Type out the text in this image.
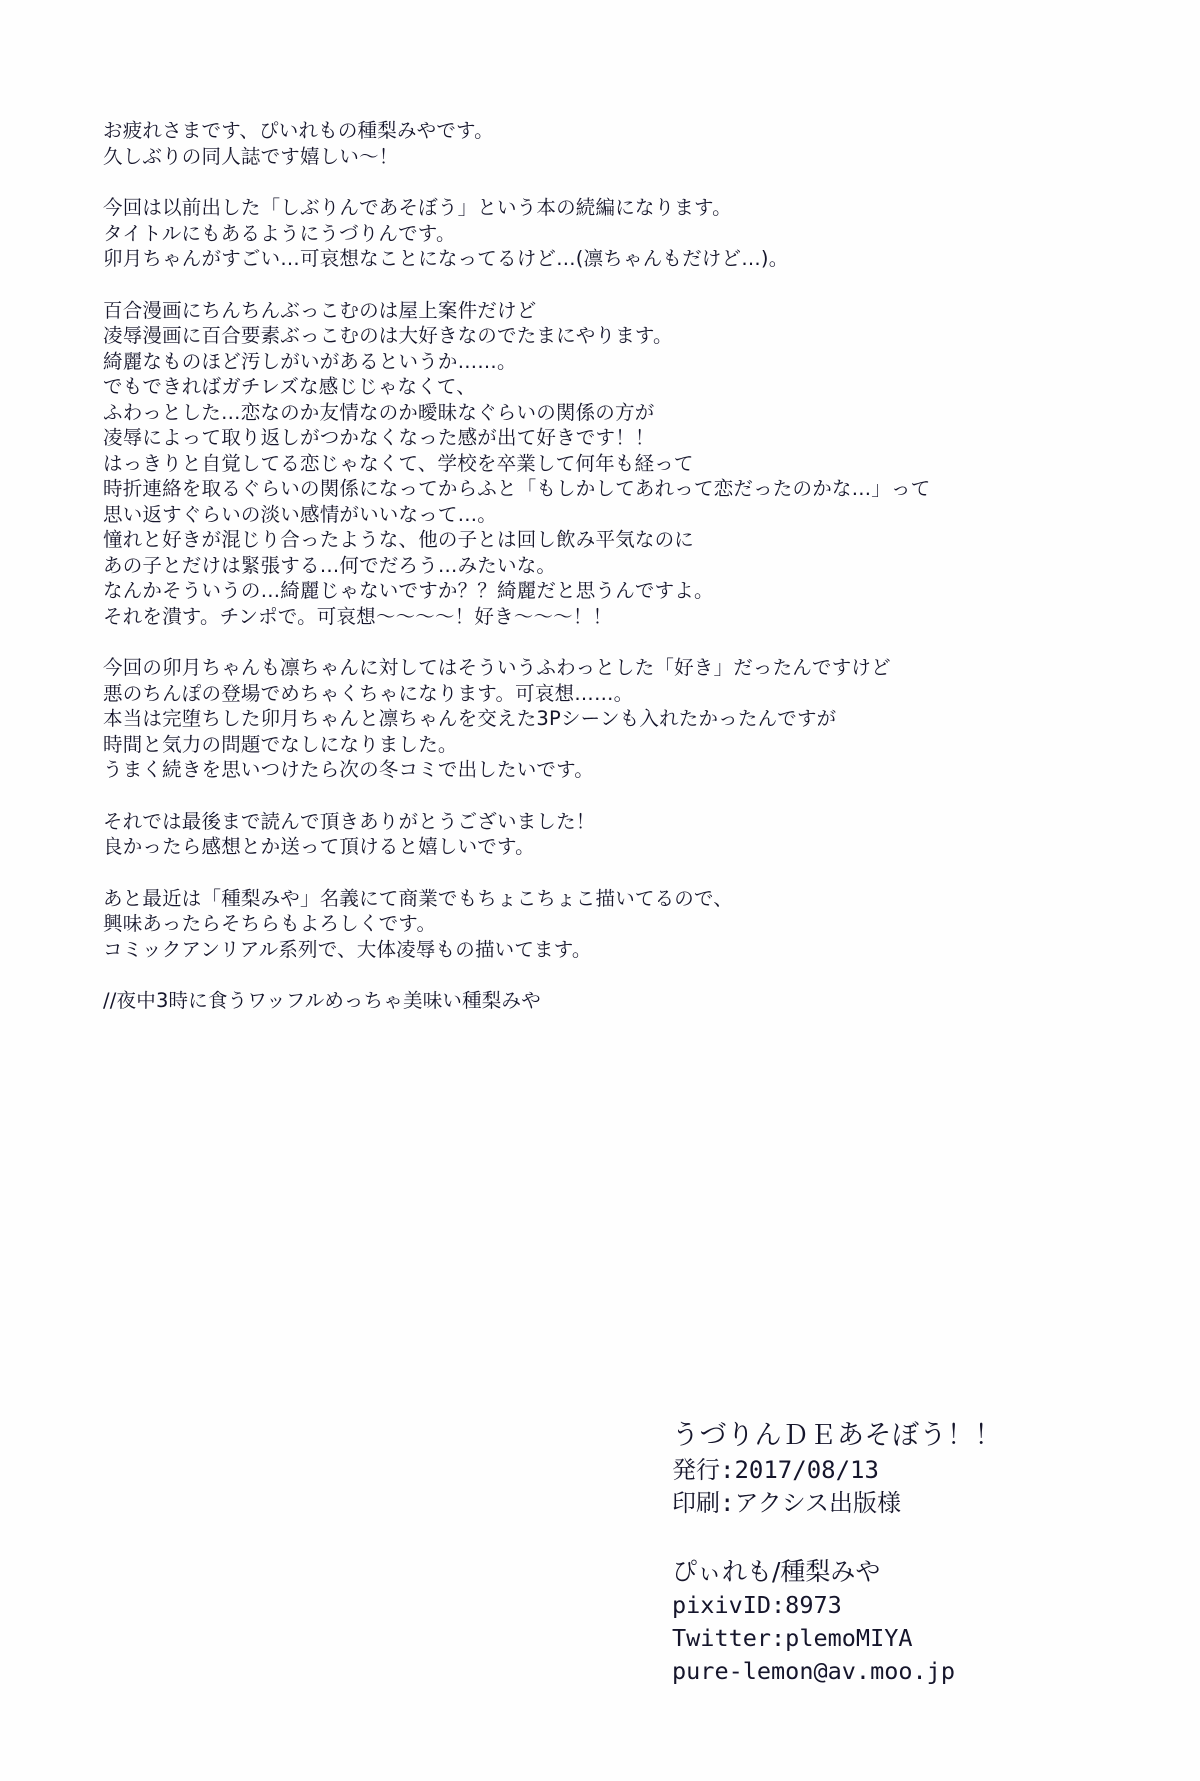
お疲れさまです、ぴいれもの種梨みやです。
久しぶりの同人誌です嬉しい～！
今回は以前出した「しぶりんであそぼう」という本の続編になります。
タイトルにもあるようにうづりんです。
卯月ちゃんがすごい…可哀想なことになってるけど…(凛ちゃんもだけど…)。
百合漫画にちんちんぶっこむのは屋上案件だけど
凌辱漫画に百合要素ぶっこむのは大好きなのでたまにやります。
綺麗なものほど汚しがいがあるというか……。
でもできればガチレズな感じじゃなくて、
ふわっとした…恋なのか友情なのか曖昧なぐらいの関係の方が
凌辱によって取り返しがつかなくなった感が出て好きです！！
はっきりと自覚してる恋じゃなくて、学校を卒業して何年も経って
時折連絡を取るぐらいの関係になってからふと「もしかしてあれって恋だったのかな…」って
思い返すぐらいの淡い感情がいいなって…。
憧れと好きが混じり合ったような、他の子とは回し飲み平気なのに
あの子とだけは緊張する…何でだろう…みたいな。
なんかそういうの…綺麗じゃないですか？？綺麗だと思うんですよ。
それを潰す。チンポで。可哀想～～～～！好き～～～！！
今回の卯月ちゃんも凛ちゃんに対してはそういうふわっとした「好き」だったんですけど
悪のちんぽの登場でめちゃくちゃになります。可哀想……。
本当は完堕ちした卯月ちゃんと凛ちゃんを交えた3Pシーンも入れたかったんですが
時間と気力の問題でなしになりました。
うまく続きを思いつけたら次の冬コミで出したいです。
それでは最後まで読んで頂きありがとうございました！
良かったら感想とか送って頂けると嬉しいです。
あと最近は「種梨みや」名義にて商業でもちょこちょこ描いてるので、
興味あったらそちらもよろしくです。
コミックアンリアル系列で、大体凌辱もの描いてます。
//夜中3時に食うワッフルめっちゃ美味い種梨みや
うづりんＤＥあそぼう！！
発行:2017/08/13
印刷:アクシス出版様
ぴぃれも/種梨みや
pixivID:8973
Twitter:plemoMIYA
pure-lemon@av.moo.jp
